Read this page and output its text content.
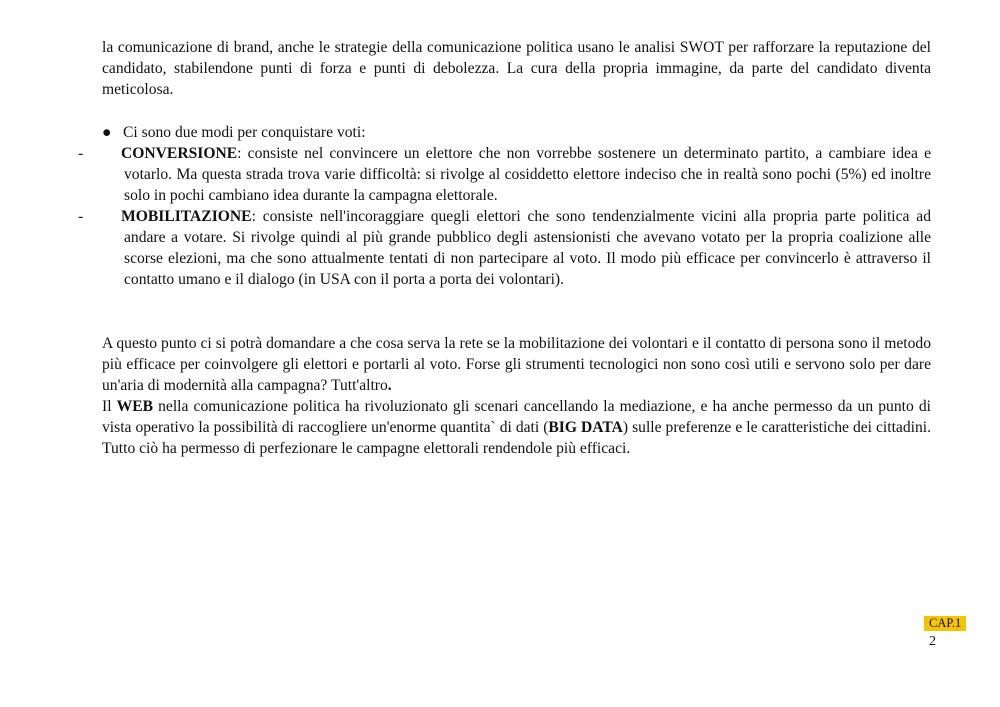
la comunicazione di brand, anche le strategie della comunicazione politica usano le analisi SWOT per rafforzare la reputazione del candidato, stabilendone punti di forza e punti di debolezza. La cura della propria immagine, da parte del candidato diventa meticolosa.

● Ci sono due modi per conquistare voti:

- CONVERSIONE: consiste nel convincere un elettore che non vorrebbe sostenere un determinato partito, a cambiare idea e votarlo. Ma questa strada trova varie difficoltà: si rivolge al cosiddetto elettore indeciso che in realtà sono pochi (5%) ed inoltre solo in pochi cambiano idea durante la campagna elettorale.
- MOBILITAZIONE: consiste nell'incoraggiare quegli elettori che sono tendenzialmente vicini alla propria parte politica ad andare a votare. Si rivolge quindi al più grande pubblico degli astensionisti che avevano votato per la propria coalizione alle scorse elezioni, ma che sono attualmente tentati di non partecipare al voto. Il modo più efficace per convincerlo è attraverso il contatto umano e il dialogo (in USA con il porta a porta dei volontari).

A questo punto ci si potrà domandare a che cosa serva la rete se la mobilitazione dei volontari e il contatto di persona sono il metodo più efficace per coinvolgere gli elettori e portarli al voto. Forse gli strumenti tecnologici non sono così utili e servono solo per dare un'aria di modernità alla campagna? Tutt'altro.

Il WEB nella comunicazione politica ha rivoluzionato gli scenari cancellando la mediazione, e ha anche permesso da un punto di vista operativo la possibilità di raccogliere un'enorme quantita` di dati (BIG DATA) sulle preferenze e le caratteristiche dei cittadini. Tutto ciò ha permesso di perfezionare le campagne elettorali rendendole più efficaci.

CAP.1
2
